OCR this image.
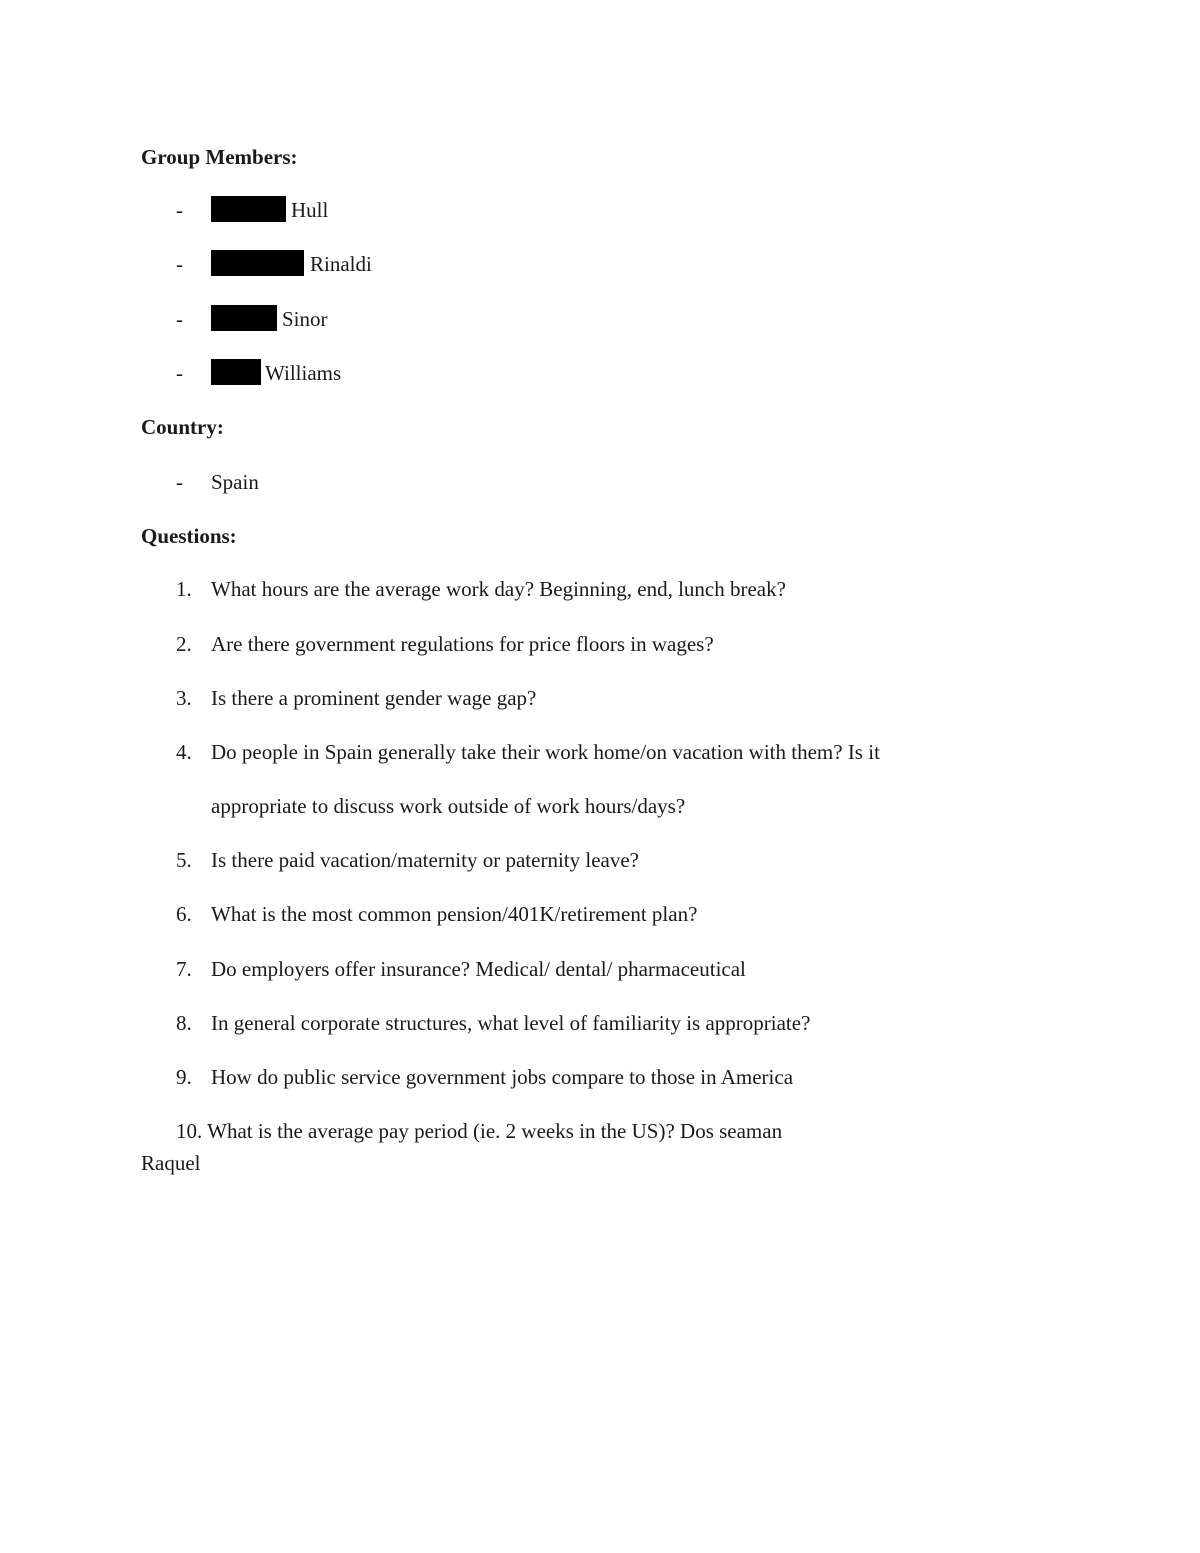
Group Members:
-	Hull
-	Rinaldi
-	Sinor
-	Williams
Country:
- Spain
Questions:
1. What hours are the average work day? Beginning, end, lunch break?
2. Are there government regulations for price floors in wages?
3. Is there a prominent gender wage gap?
4. Do people in Spain generally take their work home/on vacation with them? Is it
appropriate to discuss work outside of work hours/days?
5. Is there paid vacation/maternity or paternity leave?
6. What is the most common pension/401K/retirement plan?
7. Do employers offer insurance? Medical/ dental/ pharmaceutical
8. In general corporate structures, what level of familiarity is appropriate?
9. How do public service government jobs compare to those in America
10. What is the average pay period (ie. 2 weeks in the US)? Dos seaman
Raquel
